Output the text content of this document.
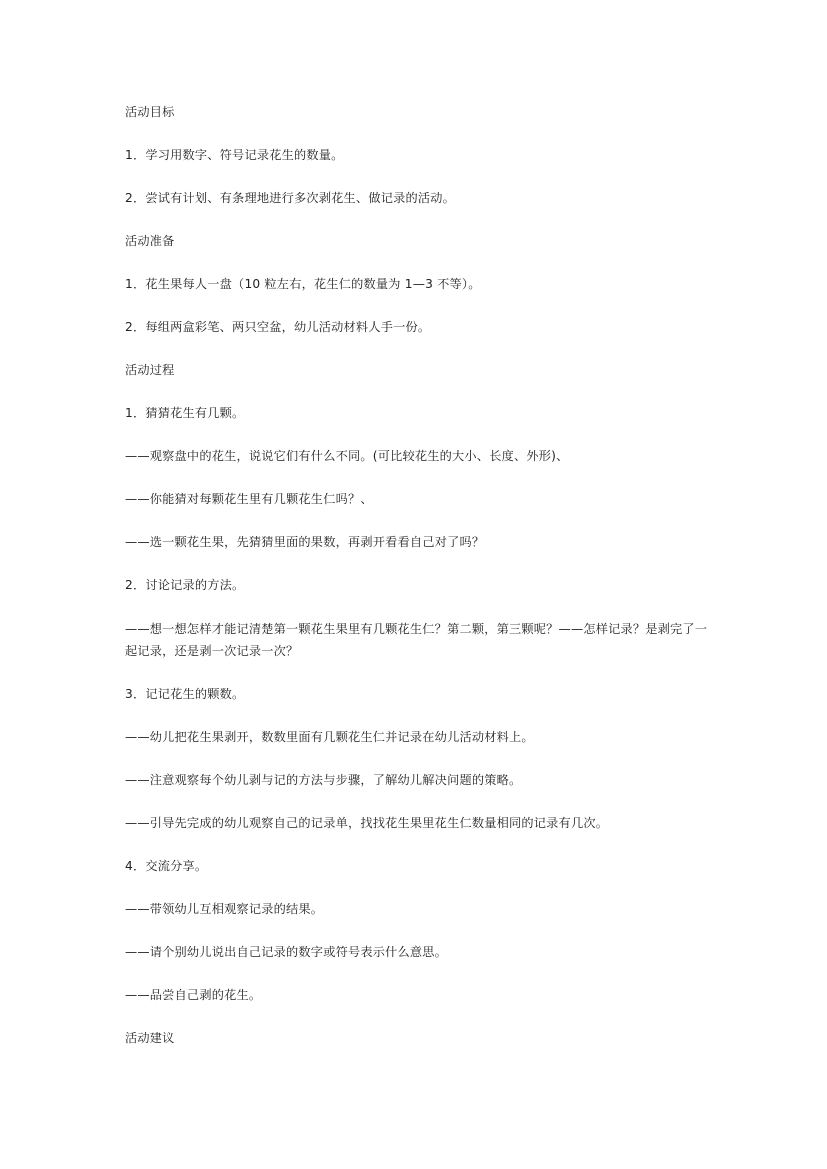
活动目标
1．学习用数字、符号记录花生的数量。
2．尝试有计划、有条理地进行多次剥花生、做记录的活动。
活动准备
1．花生果每人一盘（10 粒左右，花生仁的数量为 1—3 不等）。
2．每组两盒彩笔、两只空盆，幼儿活动材料人手一份。
活动过程
1．猜猜花生有几颗。
——观察盘中的花生，说说它们有什么不同。(可比较花生的大小、长度、外形)、
——你能猜对每颗花生里有几颗花生仁吗？、
——选一颗花生果，先猜猜里面的果数，再剥开看看自己对了吗？
2．讨论记录的方法。
——想一想怎样才能记清楚第一颗花生果里有几颗花生仁？第二颗，第三颗呢？——怎样记录？是剥完了一起记录，还是剥一次记录一次？
3．记记花生的颗数。
——幼儿把花生果剥开，数数里面有几颗花生仁并记录在幼儿活动材料上。
——注意观察每个幼儿剥与记的方法与步骤，了解幼儿解决问题的策略。
——引导先完成的幼儿观察自己的记录单，找找花生果里花生仁数量相同的记录有几次。
4．交流分享。
——带领幼儿互相观察记录的结果。
——请个别幼儿说出自己记录的数字或符号表示什么意思。
——品尝自己剥的花生。
活动建议
